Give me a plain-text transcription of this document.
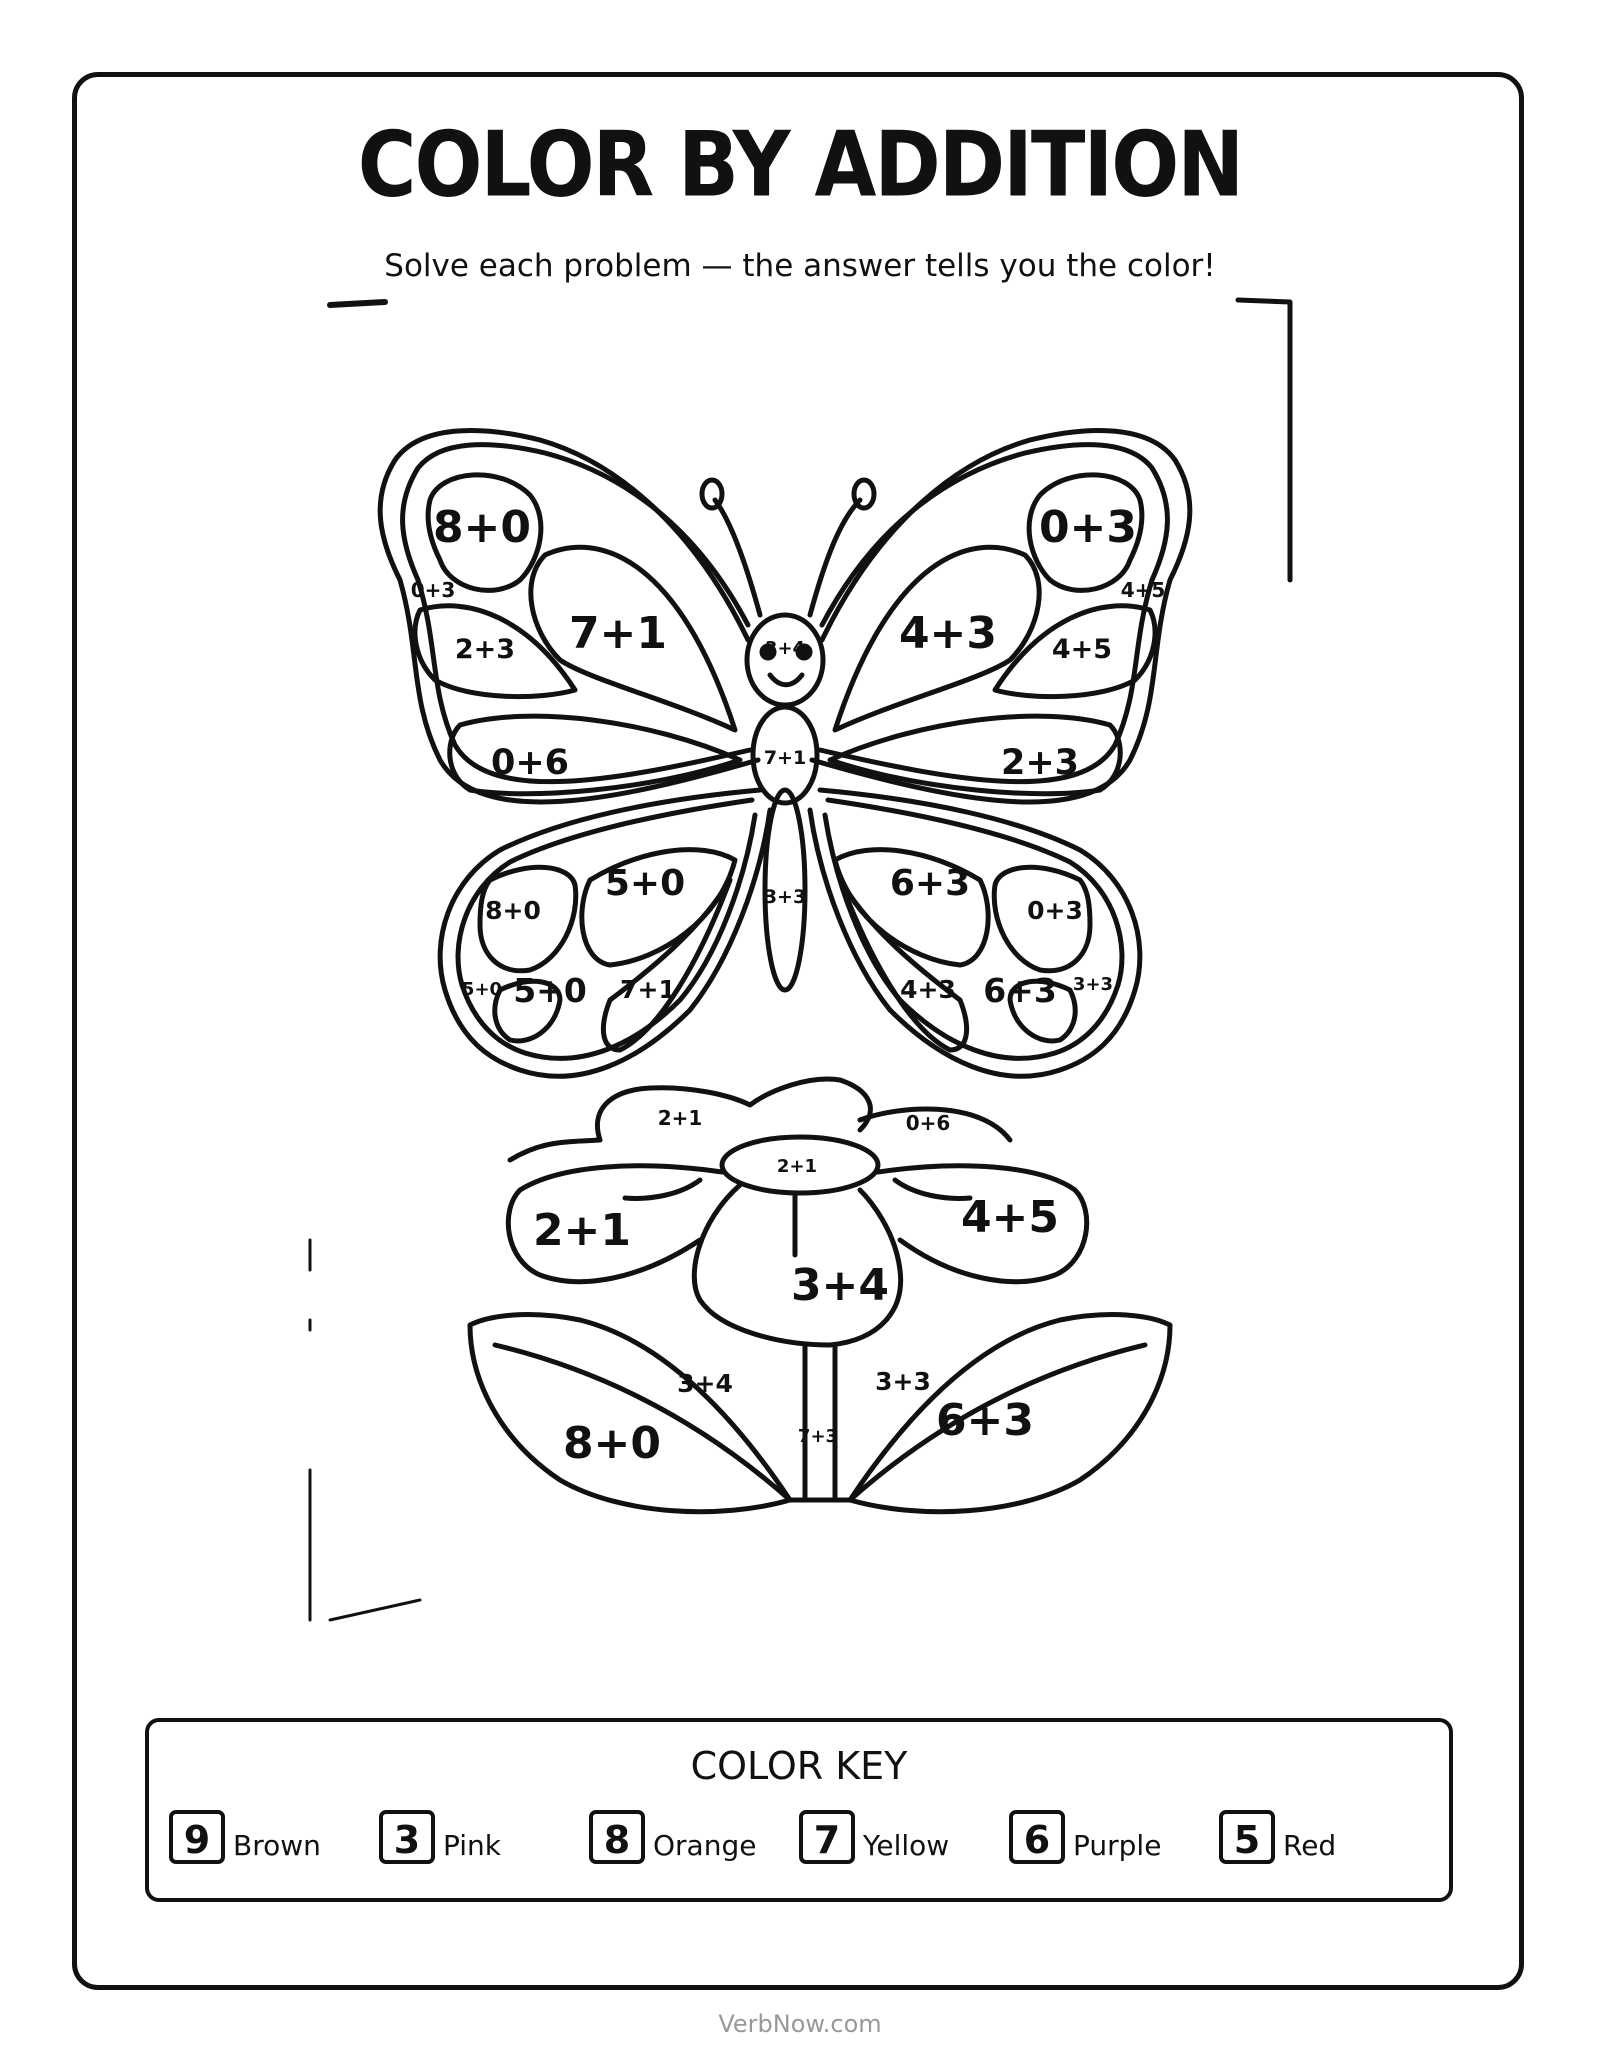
COLOR BY ADDITION
Solve each problem — the answer tells you the color!
8+0
0+3
2+3 7+1
0+6
0+3
4+5
4+5
4+3
2+3
3+4
7+1
3+3
8+0
5+0
5+0 5+0 7+1
6+3
0+3
4+3 6+3 3+3
2+1	0+6
2+1
2+1	4+5
3+4
3+4
8+0
3+3
6+3
7+3
COLOR KEY
9 Brown	3 Pink	8 Orange	7 Yellow	6 Purple	5 Red
VerbNow.com
